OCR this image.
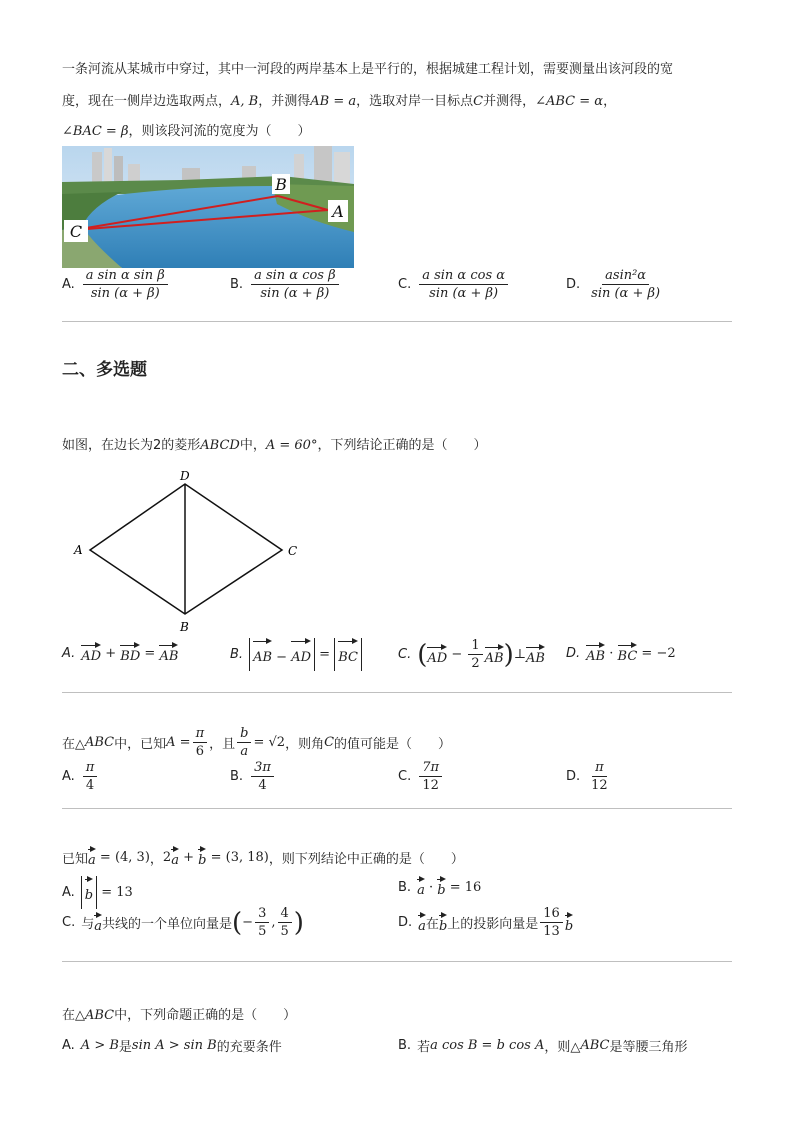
一条河流从某城市中穿过，其中一河段的两岸基本上是平行的，根据城建工程计划，需要测量出该河段的宽
度，现在一侧岸边选取两点，A, B，并测得AB = a，选取对岸一目标点C并测得，∠ABC = α，
∠BAC = β，则该段河流的宽度为（　　）
B
A
C
A. $\frac{\text{a sin α sin β}}{\sin (\alpha + \beta)}$	B. $\frac{\text{a sin α cos β}}{\sin (\alpha + \beta)}$	C. $\frac{\text{a sin α cos α}}{\sin (\alpha + \beta)}$	D. $\frac{\text{asin²α}}{\sin (\alpha + \beta)}$
二、多选题
如图，在边长为2的菱形ABCD中，A = 60°，下列结论正确的是（　　）
A
D
C
B
A. AD
+
BD
=
AB	B. AB − AD
=
BC	C. ( AD
−
$\frac{1}{2}$ AB ) ⊥ AB D. AB
·
BC
= −2
在△ ABC 中，已知 $A = \frac{\pi}{6}$ ，且 $\frac{b}{a} = √2$ ，则角 C 的值可能是（　　）
A. $\frac{\pi}{4}$	B. $\frac{3\pi}{4}$	C. $\frac{7\pi}{12}$	D. $\frac{\pi}{12}$
已知 a
= (4, 3) ， 2 a
+
b
= (3, 18) ，则下列结论中正确的是（　　）
A. b
= 13	B. a
·
b
= 16
C. 与 a 共线的一个单位向量是 ( − $\frac{3}{5}$ , $\frac{4}{5}$ )	D. a 在 b 上的投影向量是 $\frac{16}{13}$ b
在△ABC中，下列命题正确的是（　　）
A. A > B 是 sin A > sin B 的充要条件	B. 若 a cos B = b cos A ，则△ ABC 是等腰三角形
